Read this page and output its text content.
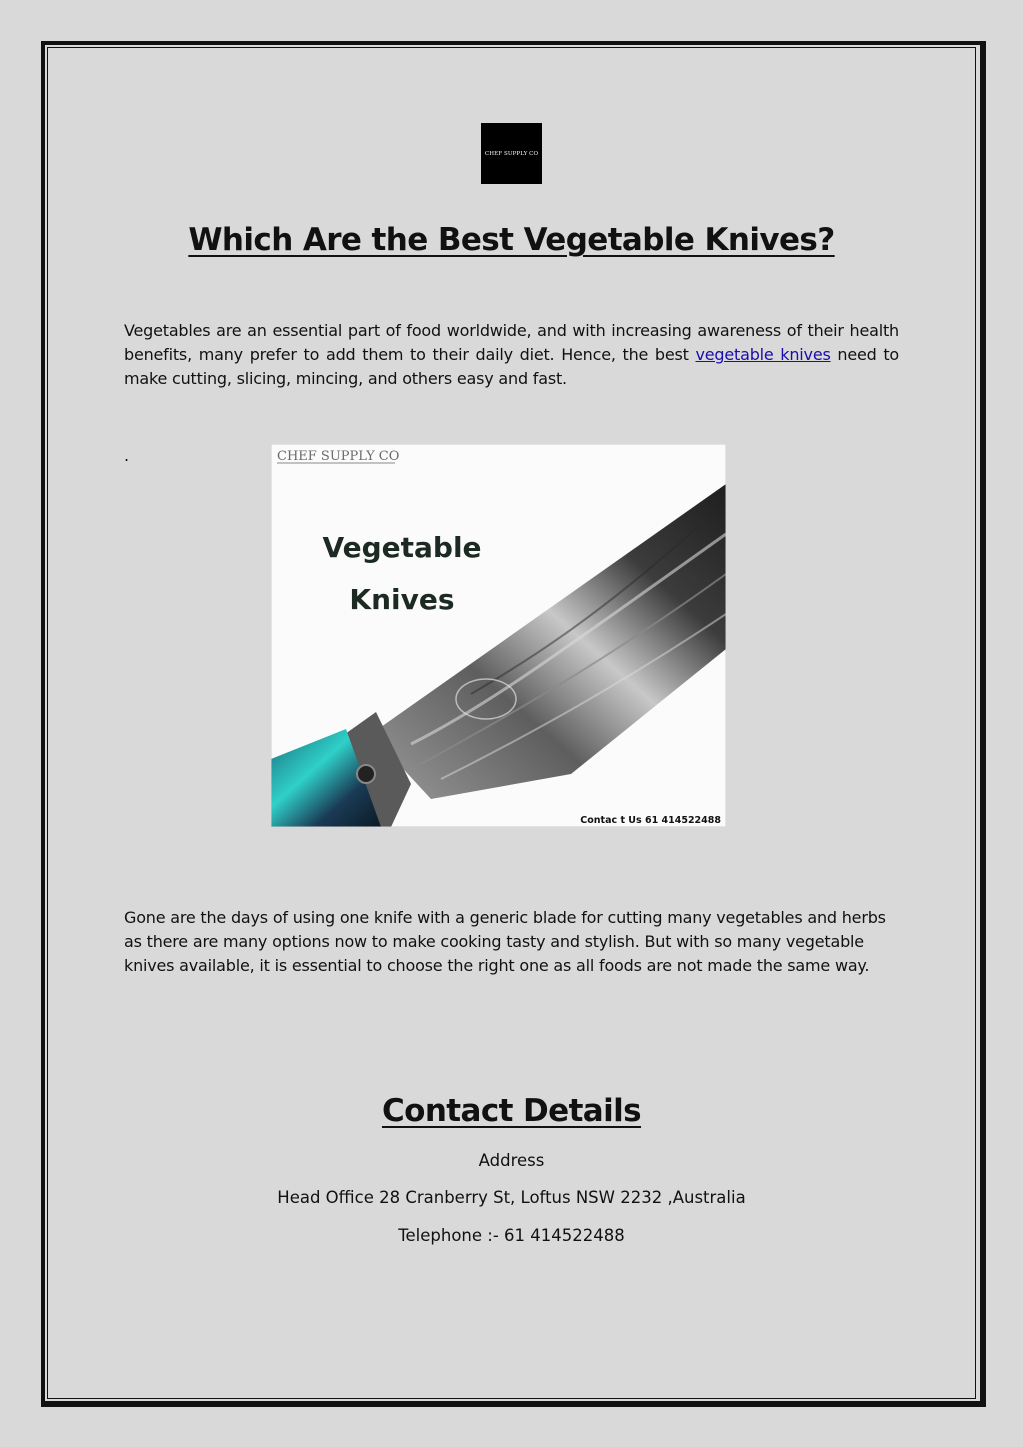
CHEF SUPPLY CO
Which Are the Best Vegetable Knives?

Vegetables are an essential part of food worldwide, and with increasing awareness of their health benefits, many prefer to add them to their daily diet. Hence, the best vegetable knives need to make cutting, slicing, mincing, and others easy and fast.

.	CHEF SUPPLY CO
Vegetable
Knives
Contac t Us 61 414522488

Gone are the days of using one knife with a generic blade for cutting many vegetables and herbs as there are many options now to make cooking tasty and stylish. But with so many vegetable knives available, it is essential to choose the right one as all foods are not made the same way.

Contact Details

Address

Head Office 28 Cranberry St, Loftus NSW 2232 ,Australia

Telephone :- 61 414522488
